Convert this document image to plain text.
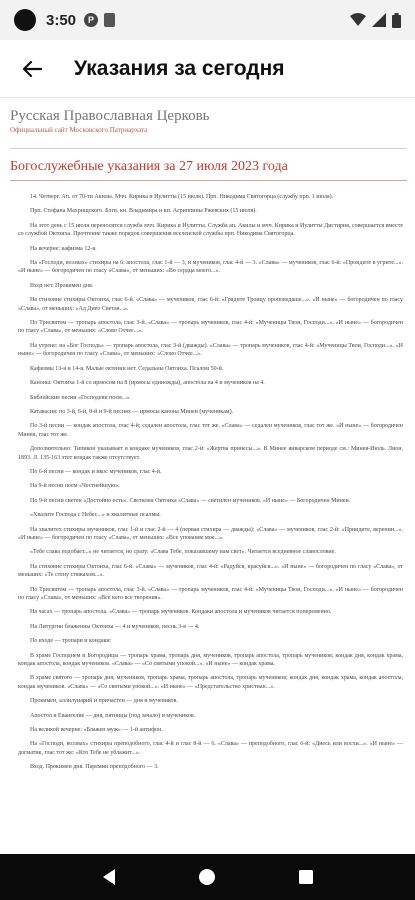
3:50	P
Указания за сегодня
Русская Православная Церковь
Официальный сайт Московского Патриархата
Богослужебные указания за 27 июля 2023 года

14. Четверг. Ап. от 70-ти Акилы. Мчч. Кирика и Иулитты (15 июля). Прп. Никодима Святогорца (службу прп. 1 июля).

Прп. Стефана Махрищского. Блгв. кн. Владимира и кн. Агриппины Ржевских (15 июля).

На этот день с 15 июля переносится служба мчч. Кирика и Иулитты. Служба ап. Акилы и мчч. Кирика и Иулитты Дистирия, совершается вместе со службой Октоиха. Прочтение также порядок совершения вселенской службы прп. Никодима Святогорца.

На вечерне: кафизма 12-я.

На «Господи, воззвах» стихиры на 6: апостола, глас 1-й — 3, и мучеников, глас 4-й — 3. «Слава» — мучеников, глас 6-й: «Проидите в угрите...». «И ныне» — богородичен по гласу «Слава», от меньших: «Во сердца моего...».

Вход нет. Прокимен дня.

На стиховне стихиры Октоиха, глас 6-й. «Слава» — мучеников, глас 6-й: «Гряднте Троицу проповедаше...». «И ныне» — богородичен по гласу «Слава», от меньших: «Ад Диео Светая...».

По Трисвятом — тропарь апостола, глас 3-й. «Слава» — тропарь мучеников, глас 4-й: «Мученицы Твои, Господи...». «И ныне» — богородичен по гласу «Слава», от меньших: «Слово Отчее...».

На утрене: на «Бог Господь» — тропарь апостола, глас 3-й (дважды). «Слава» — тропарь мучеников, глас 4-й: «Мученицы Твои, Господи...». «И ныне» — богородичен по гласу «Слава», от меньших: «Слово Отчее...».

Кафизмы 13-я и 14-я. Малые ектении нет. Седальны Октоиха. Псалом 50-й.

Каноны: Октоиха 1-й со ирмосом на 8 (ирмосы единожды), апостола на 4 и мучеников на 4.

Библейские песни «Господеви поем...».

Катавасия: по 3-й, 6-й, 8-й и 9-й песнях — ирмосы канона Минеи (мученикам).

По 3-й песни — кондак апостола, глас 4-й; седален апостола, глас тот же. «Слава» — седален мучеников, глас тот же. «И ныне» — богородичен Минеи, глас тот же.

Дополнительно: Типикон указывает в кондаке мучеников, глас 2-й: «Жертва принесы...». В Минее январском периоде см.: Минея-Июль. Лион, 1893. Л. 135-163 этот кондак также отсутствует.

По 6-й песни — кондак и икос мучеников, глас 4-й.

На 9-й песни поем «Честнейшую».

По 9-й песни светен «Достойно есть». Светилен Октоиха «Слава» — светилен мучеников. «И ныне» — Богородичен Минеи.

«Хвалите Господа с Небес...» и хвалитные псалмы.

На хвалитех стихиры мучеников, глас 1-й и глас 2-й — 4 (первая стихира — дважды): «Слава» — мучеников, глас 2-й: «Приидите, верении...». «И ныне» — богородичен по гласу «Слава», от меньших: «Все упование мое...».

«Тебе слава подобает...» не читается, но сразу: «Слава Тебе, показавшему нам свет». Читается вседневное славословие.

На стиховне стихиры Октоиха, глас 6-й. «Слава» — мучеников, глас 4-й: «Радуйся, красуйся...». «И ныне» — богородичен по гласу «Слава», от меньших: «Те стену стяжахом...».

По Трисвятом — тропарь апостола, глас 3-й. «Слава» — тропарь мучеников, глас 4-й: «Мученицы Твои, Господи...». «И ныне» — богородичен по гласу «Слава», от меньших: «Все кого все творения».

На часах — тропарь апостола. «Слава» — тропарь мучеников. Кондаки апостола и мучеников читается попеременно.

На Литургии блаженны Октоиха — 4 и мучеников, песнь 3-я — 4.

По входе — тропари и кондаки:

В храме Господнем и Богородицы — тропарь храма, тропарь дня, мучеников, тропарь апостола, тропарь мучеников; кондак дня, кондак храма, кондак апостола, кондак мучеников. «Слава» — «Со святыми упокой...». «И ныне» — кондак храма.

В храме святого — тропарь дня, мучеников, тропарь храма, тропарь апостола, тропарь мучеников; кондак дня, кондак храма, кондак апостола, кондак мучеников. «Слава» — «Со святыми упокой...». «И ныне» — «Предстательство христиан...».

Прокимен, аллилуиарий и причастен — дня и мучеников.

Апостол и Евангелие — дня, пятницы (под зачало) и мучеников.

На великой вечерне: «Блажен муж» — 1-й антифон.

На «Господи, воззвах» стихиры преподобного, глас 4-й и глас 8-й — 6. «Слава» — преподобного, глас 6-й: «Днесь или восхи...». «И ныне» — догматик, глас тот же: «Кто Тебе не ублажит...».

Вход. Прокимен дня. Паремии преподобного — 3.
